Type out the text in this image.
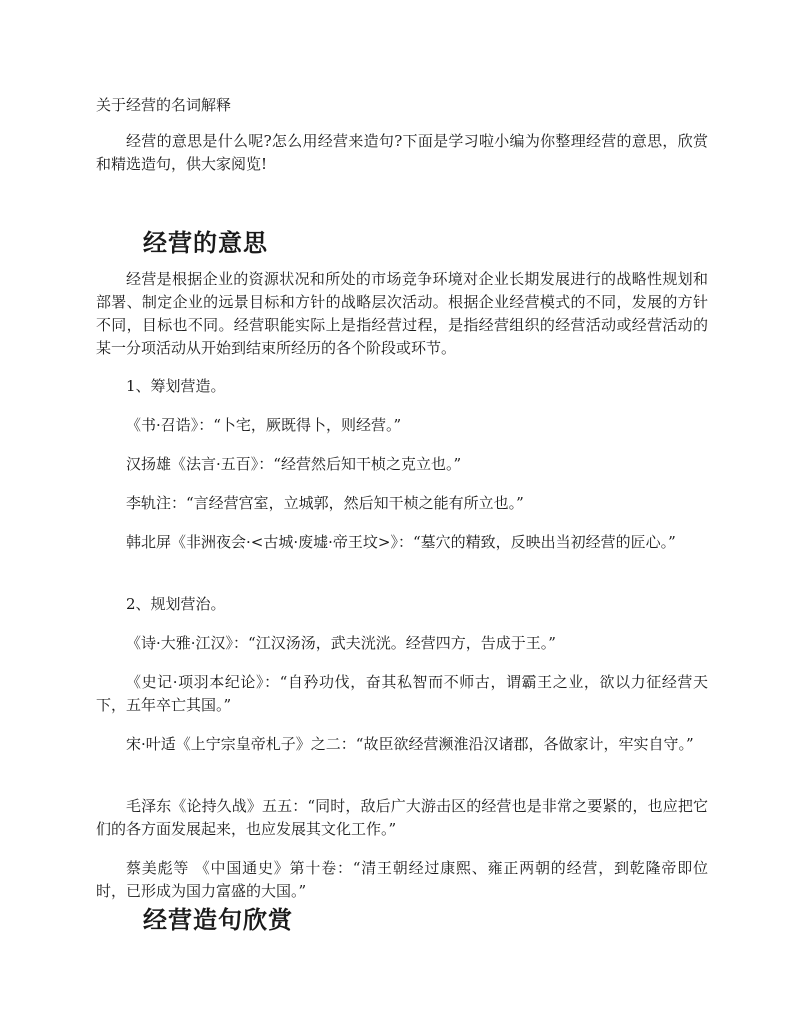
关于经营的名词解释

经营的意思是什么呢?怎么用经营来造句?下面是学习啦小编为你整理经营的意思，欣赏和精选造句，供大家阅览!

经营的意思

经营是根据企业的资源状况和所处的市场竞争环境对企业长期发展进行的战略性规划和部署、制定企业的远景目标和方针的战略层次活动。根据企业经营模式的不同，发展的方针不同，目标也不同。经营职能实际上是指经营过程，是指经营组织的经营活动或经营活动的某一分项活动从开始到结束所经历的各个阶段或环节。

1、筹划营造。

《书·召诰》：“卜宅，厥既得卜，则经营。”

汉扬雄《法言·五百》：“经营然后知干桢之克立也。”

李轨注：“言经营宫室，立城郭，然后知干桢之能有所立也。”

韩北屏《非洲夜会·<古城·废墟·帝王坟>》：“墓穴的精致，反映出当初经营的匠心。”

2、规划营治。

《诗·大雅·江汉》：“江汉汤汤，武夫洸洸。经营四方，告成于王。”

《史记·项羽本纪论》：“自矜功伐，奋其私智而不师古，谓霸王之业，欲以力征经营天下，五年卒亡其国。”

宋·叶适《上宁宗皇帝札子》之二：“故臣欲经营濒淮沿汉诸郡，各做家计，牢实自守。”

毛泽东《论持久战》五五：“同时，敌后广大游击区的经营也是非常之要紧的，也应把它们的各方面发展起来，也应发展其文化工作。”

蔡美彪等 《中国通史》第十卷：“清王朝经过康熙、雍正两朝的经营，到乾隆帝即位时，已形成为国力富盛的大国。”

经营造句欣赏
